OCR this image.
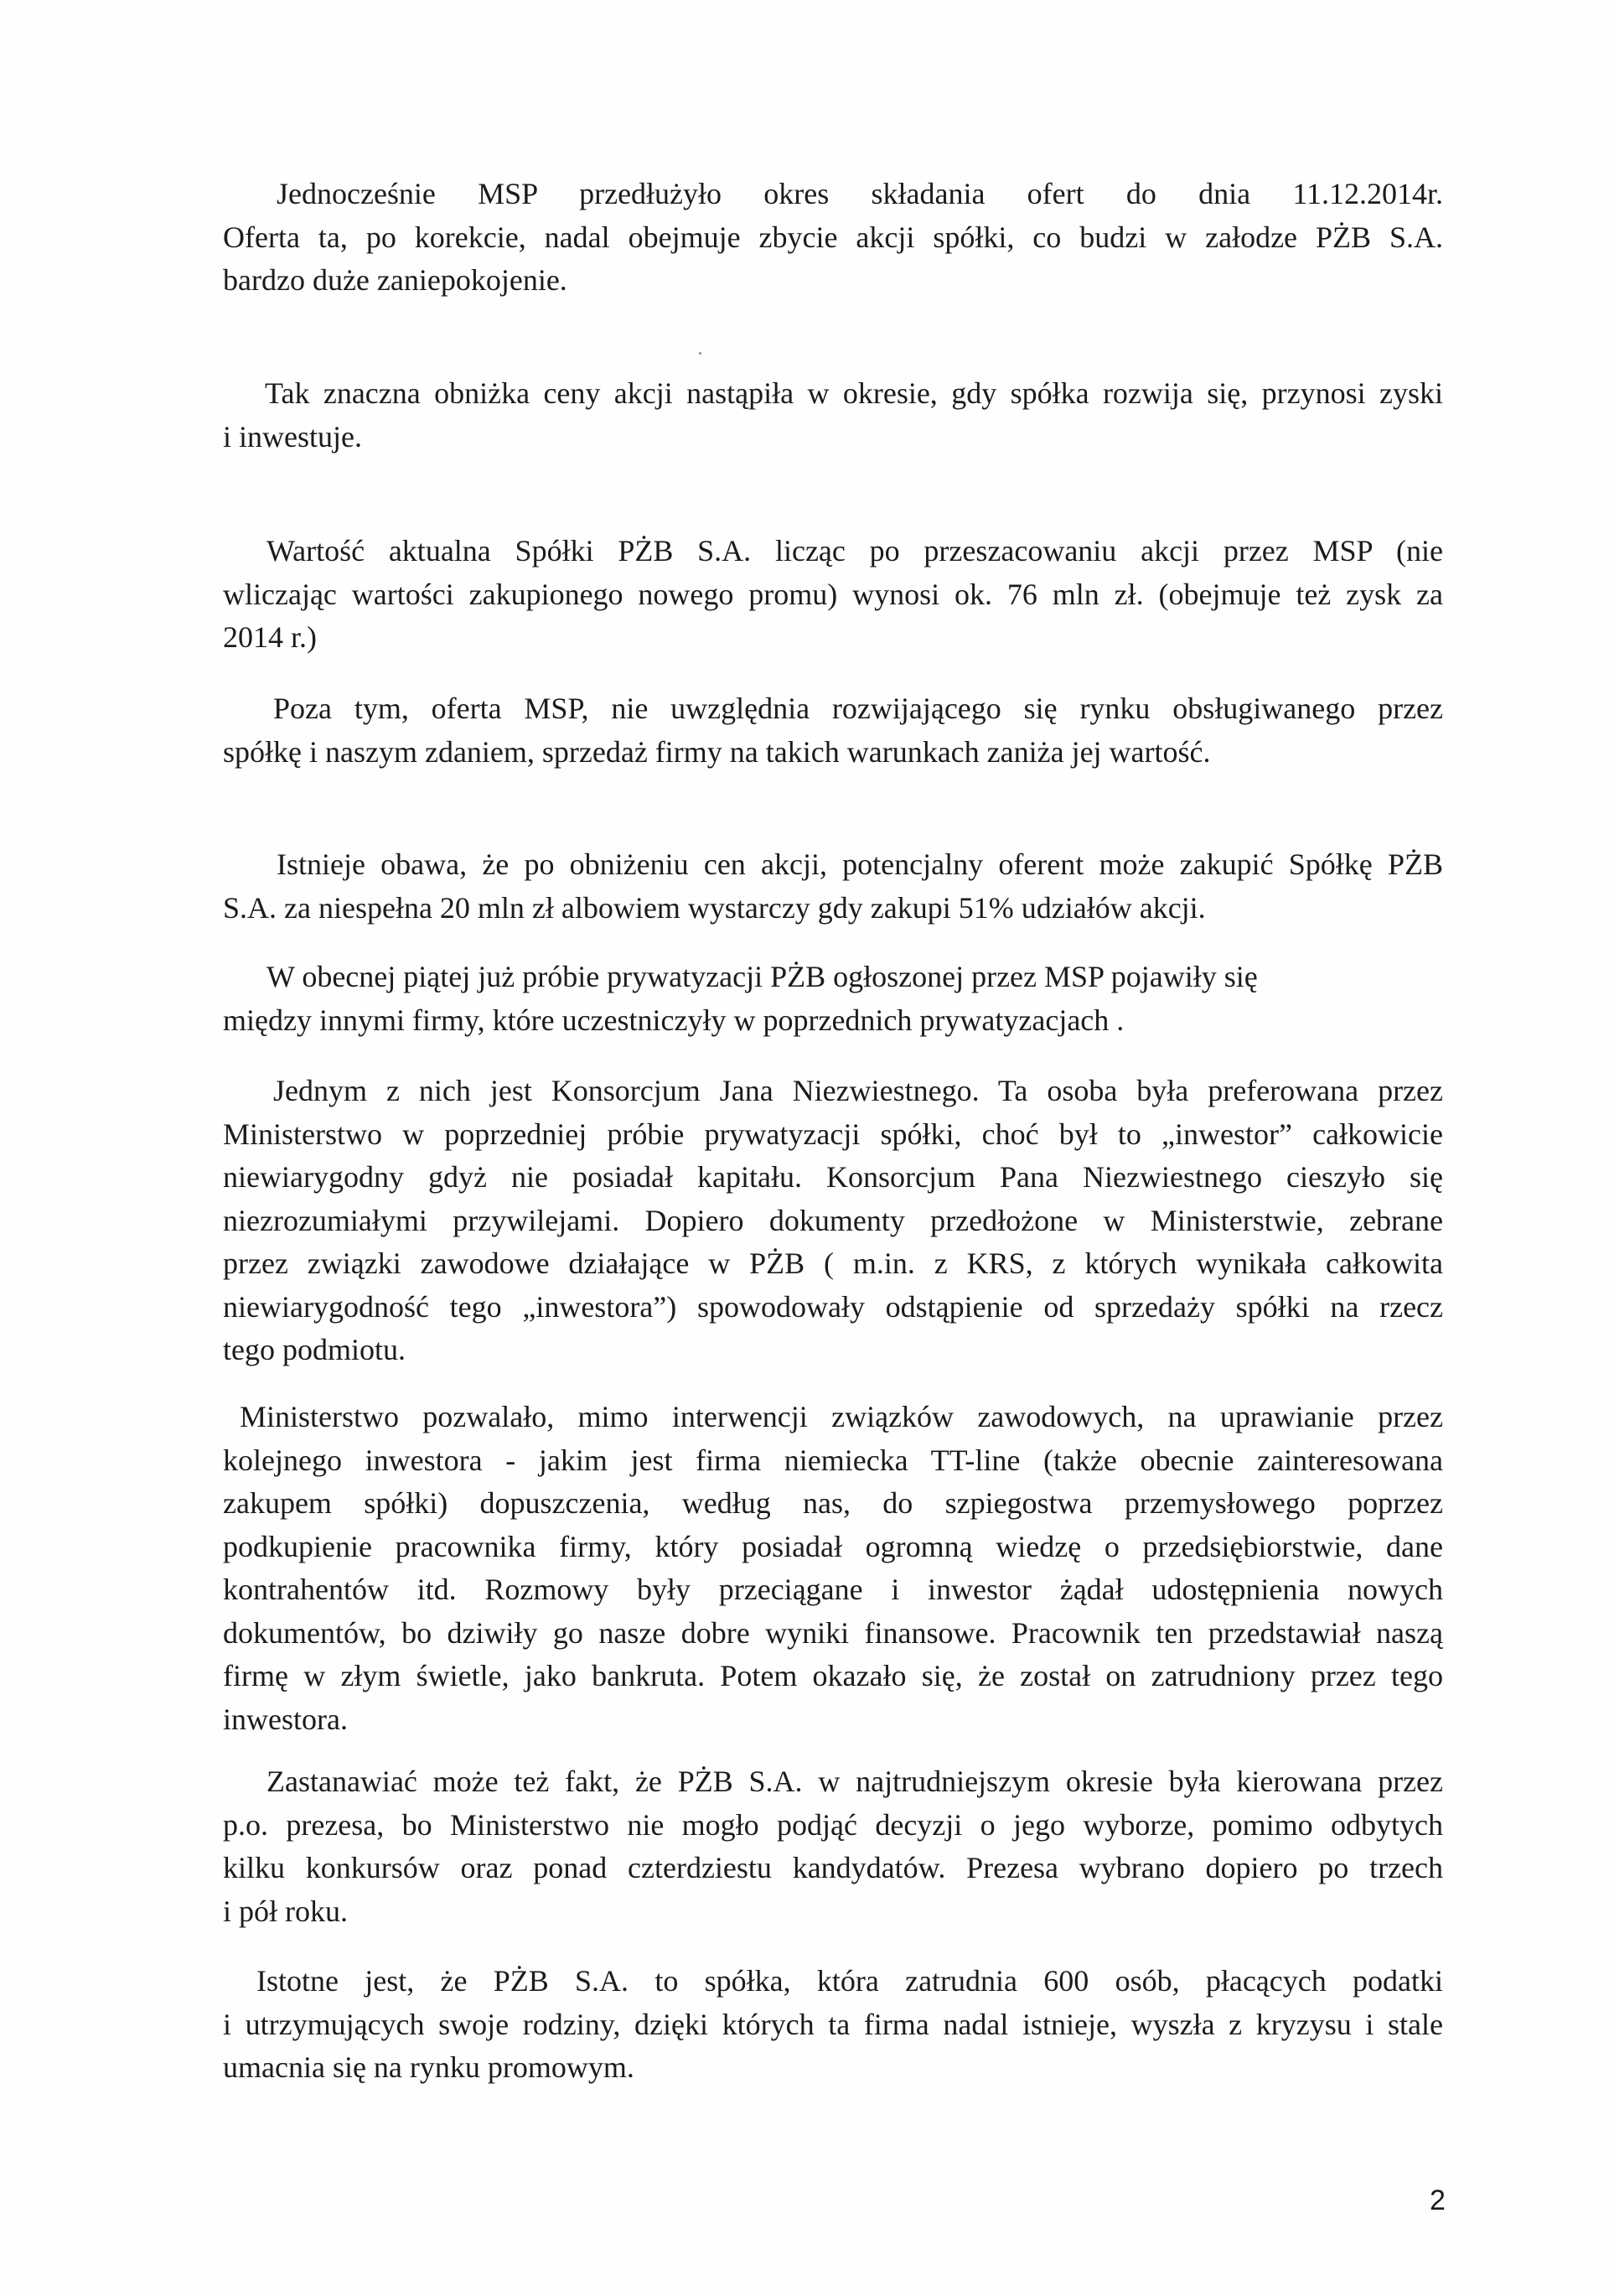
Jednocześnie MSP przedłużyło okres składania ofert do dnia 11.12.2014r.
Oferta ta, po korekcie, nadal obejmuje zbycie akcji spółki, co budzi w załodze PŻB S.A.
bardzo duże zaniepokojenie.
Tak znaczna obniżka ceny akcji nastąpiła w okresie, gdy spółka rozwija się, przynosi zyski
i inwestuje.
Wartość aktualna Spółki PŻB S.A. licząc po przeszacowaniu akcji przez MSP (nie
wliczając wartości zakupionego nowego promu) wynosi ok. 76 mln zł. (obejmuje też zysk za
2014 r.)
Poza tym, oferta MSP, nie uwzględnia rozwijającego się rynku obsługiwanego przez
spółkę i naszym zdaniem, sprzedaż firmy na takich warunkach zaniża jej wartość.
Istnieje obawa, że po obniżeniu cen akcji, potencjalny oferent może zakupić Spółkę PŻB
S.A. za niespełna 20 mln zł albowiem wystarczy gdy zakupi 51% udziałów akcji.
W obecnej piątej już próbie prywatyzacji PŻB ogłoszonej przez MSP pojawiły się
między innymi firmy, które uczestniczyły w poprzednich prywatyzacjach .
Jednym z nich jest Konsorcjum Jana Niezwiestnego. Ta osoba była preferowana przez
Ministerstwo w poprzedniej próbie prywatyzacji spółki, choć był to „inwestor” całkowicie
niewiarygodny gdyż nie posiadał kapitału. Konsorcjum Pana Niezwiestnego cieszyło się
niezrozumiałymi przywilejami. Dopiero dokumenty przedłożone w Ministerstwie, zebrane
przez związki zawodowe działające w PŻB ( m.in. z KRS, z których wynikała całkowita
niewiarygodność tego „inwestora”) spowodowały odstąpienie od sprzedaży spółki na rzecz
tego podmiotu.
Ministerstwo pozwalało, mimo interwencji związków zawodowych, na uprawianie przez
kolejnego inwestora - jakim jest firma niemiecka TT-line (także obecnie zainteresowana
zakupem spółki) dopuszczenia, według nas, do szpiegostwa przemysłowego poprzez
podkupienie pracownika firmy, który posiadał ogromną wiedzę o przedsiębiorstwie, dane
kontrahentów itd. Rozmowy były przeciągane i inwestor żądał udostępnienia nowych
dokumentów, bo dziwiły go nasze dobre wyniki finansowe. Pracownik ten przedstawiał naszą
firmę w złym świetle, jako bankruta. Potem okazało się, że został on zatrudniony przez tego
inwestora.
Zastanawiać może też fakt, że PŻB S.A. w najtrudniejszym okresie była kierowana przez
p.o. prezesa, bo Ministerstwo nie mogło podjąć decyzji o jego wyborze, pomimo odbytych
kilku konkursów oraz ponad czterdziestu kandydatów. Prezesa wybrano dopiero po trzech
i pół roku.
Istotne jest, że PŻB S.A. to spółka, która zatrudnia 600 osób, płacących podatki
i utrzymujących swoje rodziny, dzięki których ta firma nadal istnieje, wyszła z kryzysu i stale
umacnia się na rynku promowym.
2
